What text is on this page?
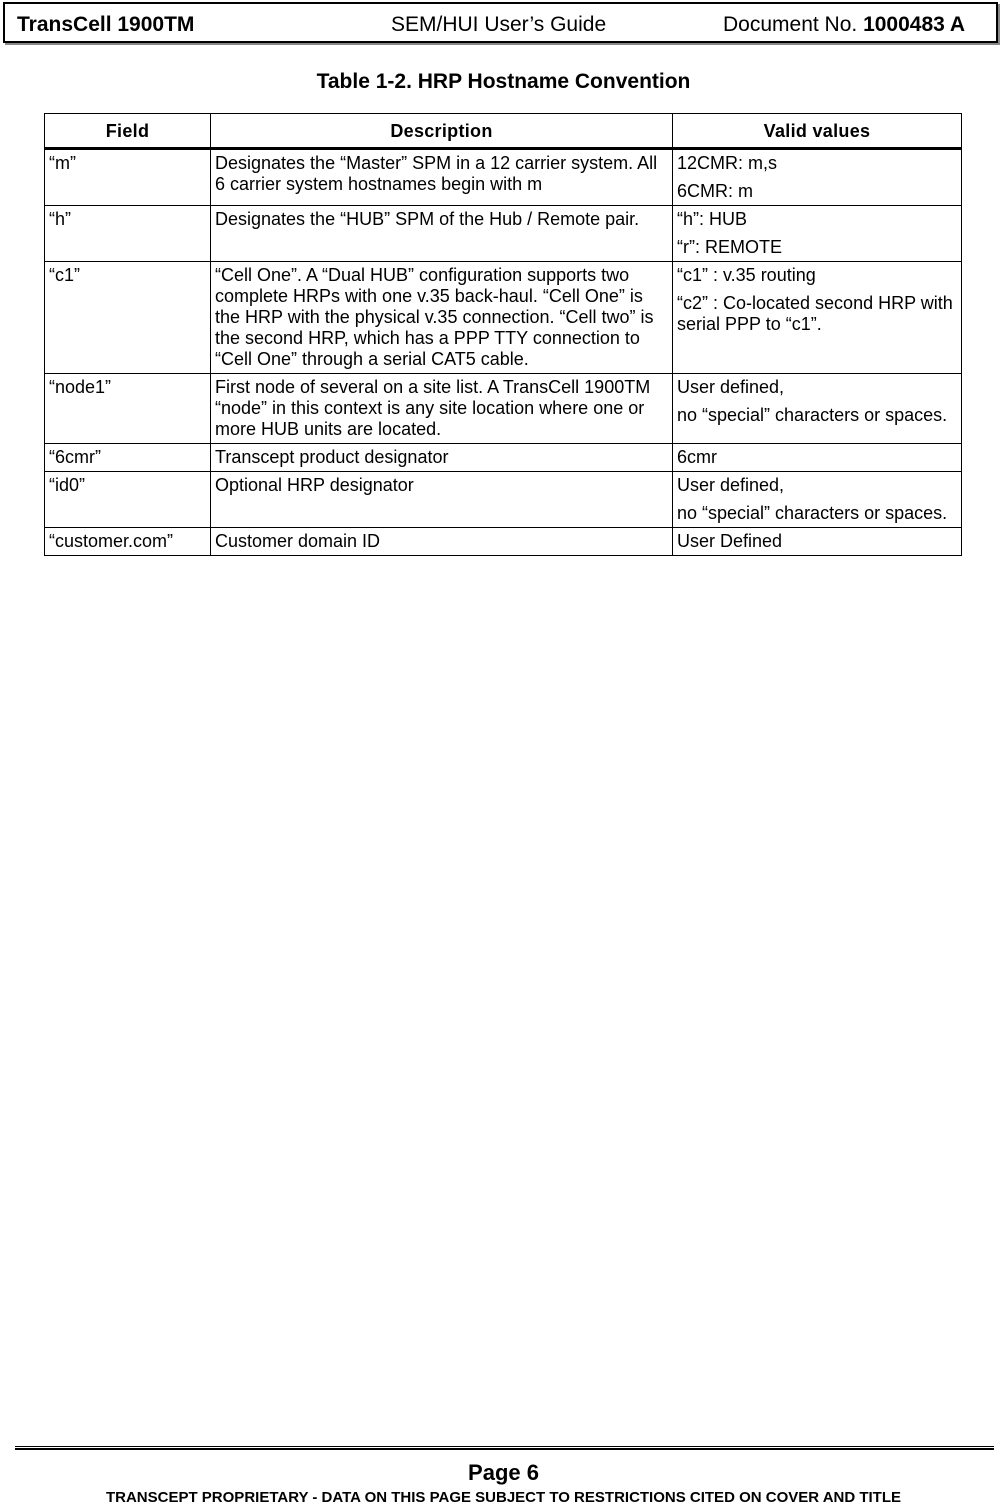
TransCell 1900TM	SEM/HUI User’s Guide	Document No. 1000483 A
Table 1-2. HRP Hostname Convention
Field	Description	Valid values
“m”	Designates the “Master” SPM in a 12 carrier system. All 6 carrier system hostnames begin with m	12CMR: m,s
6CMR: m

“h”	Designates the “HUB” SPM of the Hub / Remote pair.	“h”: HUB
“r”: REMOTE

“c1”	“Cell One”. A “Dual HUB” configuration supports two complete HRPs with one v.35 back-haul. “Cell One” is the HRP with the physical v.35 connection. “Cell two” is the second HRP, which has a PPP TTY connection to “Cell One” through a serial CAT5 cable.	“c1” : v.35 routing
“c2” : Co-located second HRP with serial PPP to “c1”.

“node1”	First node of several on a site list. A TransCell 1900TM “node” in this context is any site location where one or more HUB units are located.	User defined,
no “special” characters or spaces.

“6cmr”	Transcept product designator	6cmr

“id0”	Optional HRP designator	User defined,
no “special” characters or spaces.

“customer.com”	Customer domain ID	User Defined
Page 6
TRANSCEPT PROPRIETARY - DATA ON THIS PAGE SUBJECT TO RESTRICTIONS CITED ON COVER AND TITLE
